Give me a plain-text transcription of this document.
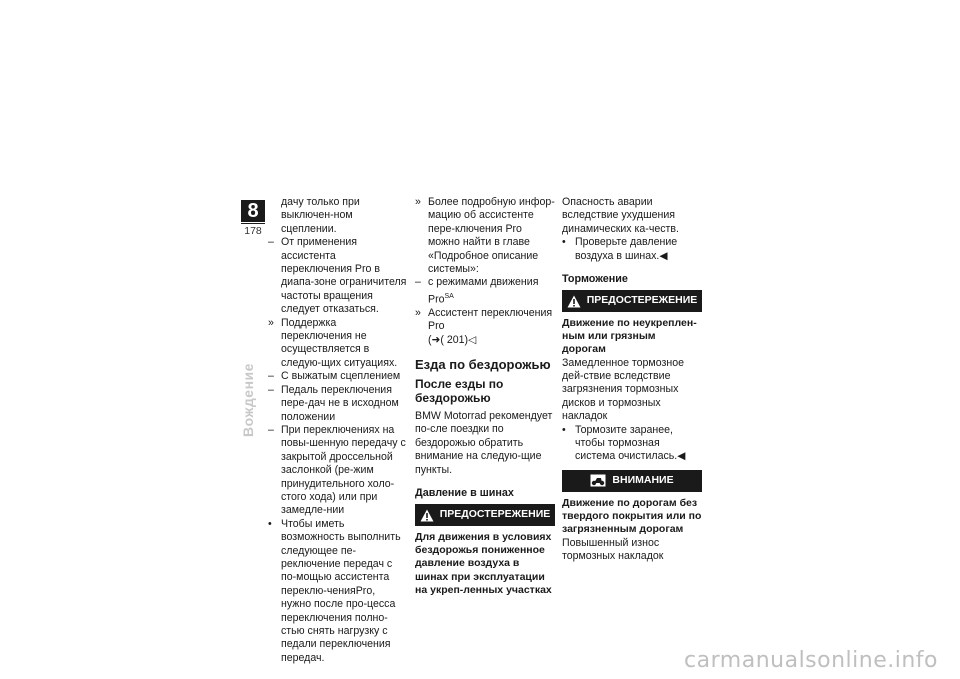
8
178
Вождение

дачу только при выключен-ном сцеплении.

– От применения ассистента переключения Pro в диапа-зоне ограничителя частоты вращения следует отказаться.
» Поддержка переключения не осуществляется в следую-щих ситуациях.
– С выжатым сцеплением
– Педаль переключения пере-дач не в исходном положении
– При переключениях на повы-шенную передачу с закрытой дроссельной заслонкой (ре-жим принудительного холо-стого хода) или при замедле-нии
• Чтобы иметь возможность выполнить следующее пе-реключение передач с по-мощью ассистента переклю-ченияPro, нужно после про-цесса переключения полно-стью снять нагрузку с педали переключения передач.
» Более подробную инфор-мацию об ассистенте пере-ключения Pro можно найти в главе «Подробное описание системы»:
– с режимами движения Pro$^{SA}$
» Ассистент переключения Pro
(➜( 201)◁
Езда по бездорожью
После езды по бездорожью

BMW Motorrad рекомендует по-сле поездки по бездорожью обратить внимание на следую-щие пункты.

Давление в шинах
ПРЕДОСТЕРЕЖЕНИЕ

Для движения в условиях бездорожья пониженное давление воздуха в шинах при эксплуатации на укреп-ленных участках

Опасность аварии вследствие ухудшения динамических ка-честв.

• Проверьте давление воздуха в шинах.◀
Торможение
ПРЕДОСТЕРЕЖЕНИЕ

Движение по неукреплен-ным или грязным дорогам

Замедленное тормозное дей-ствие вследствие загрязнения тормозных дисков и тормозных накладок

• Тормозите заранее, чтобы тормозная система очистилась.◀
ВНИМАНИЕ

Движение по дорогам без твердого покрытия или по загрязненным дорогам

Повышенный износ тормозных накладок

carmanualsonline.info
